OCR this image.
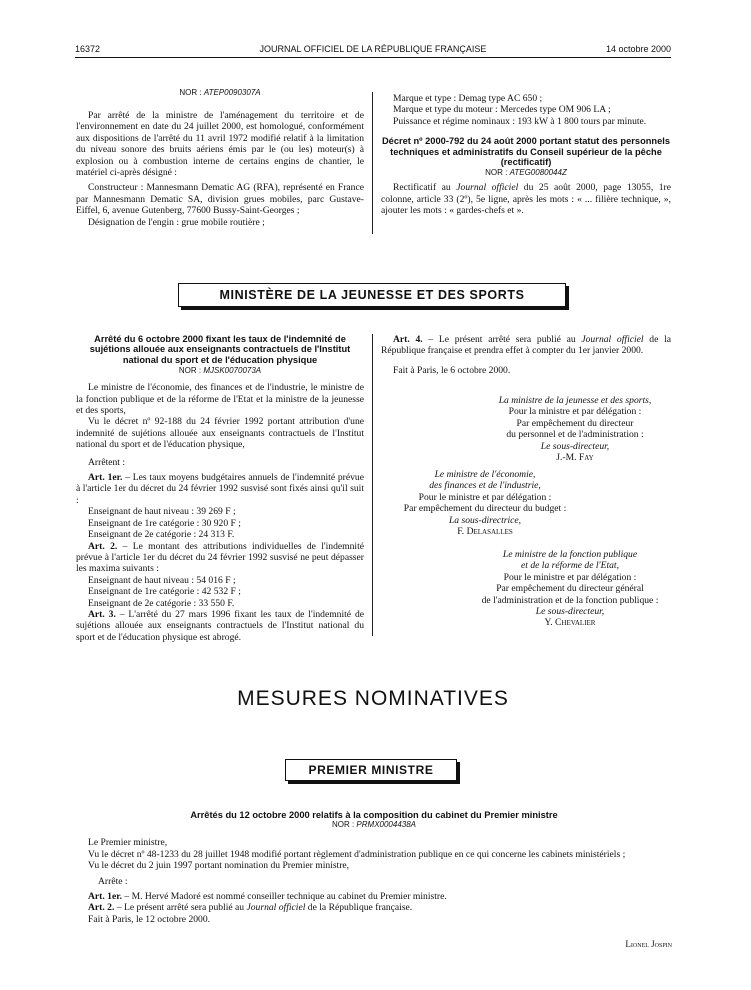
16372	JOURNAL OFFICIEL DE LA RÉPUBLIQUE FRANÇAISE	14 octobre 2000

NOR : ATEP0090307A

Par arrêté de la ministre de l'aménagement du territoire et de l'environnement en date du 24 juillet 2000, est homologué, conformément aux dispositions de l'arrêté du 11 avril 1972 modifié relatif à la limitation du niveau sonore des bruits aériens émis par le (ou les) moteur(s) à explosion ou à combustion interne de certains engins de chantier, le matériel ci-après désigné :

Constructeur : Mannesmann Dematic AG (RFA), représenté en France par Mannesmann Dematic SA, division grues mobiles, parc Gustave-Eiffel, 6, avenue Gutenberg, 77600 Bussy-Saint-Georges ;

Désignation de l'engin : grue mobile routière ;

Marque et type : Demag type AC 650 ;

Marque et type du moteur : Mercedes type OM 906 LA ;

Puissance et régime nominaux : 193 kW à 1 800 tours par minute.

Décret nº 2000-792 du 24 août 2000 portant statut des personnels techniques et administratifs du Conseil supérieur de la pêche (rectificatif)

NOR : ATEG0080044Z

Rectificatif au Journal officiel du 25 août 2000, page 13055, 1re colonne, article 33 (2º), 5e ligne, après les mots : « ... filière technique, », ajouter les mots : « gardes-chefs et ».

MINISTÈRE DE LA JEUNESSE ET DES SPORTS

Arrêté du 6 octobre 2000 fixant les taux de l'indemnité de sujétions allouée aux enseignants contractuels de l'Institut national du sport et de l'éducation physique

NOR : MJSK0070073A

Le ministre de l'économie, des finances et de l'industrie, le ministre de la fonction publique et de la réforme de l'Etat et la ministre de la jeunesse et des sports,

Vu le décret nº 92-188 du 24 février 1992 portant attribution d'une indemnité de sujétions allouée aux enseignants contractuels de l'Institut national du sport et de l'éducation physique,

Arrêtent :

Art. 1er. – Les taux moyens budgétaires annuels de l'indemnité prévue à l'article 1er du décret du 24 février 1992 susvisé sont fixés ainsi qu'il suit :

Enseignant de haut niveau : 39 269 F ;

Enseignant de 1re catégorie : 30 920 F ;

Enseignant de 2e catégorie : 24 313 F.

Art. 2. – Le montant des attributions individuelles de l'indemnité prévue à l'article 1er du décret du 24 février 1992 susvisé ne peut dépasser les maxima suivants :

Enseignant de haut niveau : 54 016 F ;

Enseignant de 1re catégorie : 42 532 F ;

Enseignant de 2e catégorie : 33 550 F.

Art. 3. – L'arrêté du 27 mars 1996 fixant les taux de l'indemnité de sujétions allouée aux enseignants contractuels de l'Institut national du sport et de l'éducation physique est abrogé.

Art. 4. – Le présent arrêté sera publié au Journal officiel de la République française et prendra effet à compter du 1er janvier 2000.

Fait à Paris, le 6 octobre 2000.

La ministre de la jeunesse et des sports,

Pour la ministre et par délégation :

Par empêchement du directeur

du personnel et de l'administration :

Le sous-directeur,

J.-M. Fay

Le ministre de l'économie,

des finances et de l'industrie,

Pour le ministre et par délégation :

Par empêchement du directeur du budget :

La sous-directrice,

F. Delasalles

Le ministre de la fonction publique

et de la réforme de l'Etat,

Pour le ministre et par délégation :

Par empêchement du directeur général

de l'administration et de la fonction publique :

Le sous-directeur,

Y. Chevalier

MESURES NOMINATIVES
PREMIER MINISTRE

Arrêtés du 12 octobre 2000 relatifs à la composition du cabinet du Premier ministre

NOR : PRMX0004438A

Le Premier ministre,

Vu le décret nº 48-1233 du 28 juillet 1948 modifié portant règlement d'administration publique en ce qui concerne les cabinets ministériels ;

Vu le décret du 2 juin 1997 portant nomination du Premier ministre,

Arrête :

Art. 1er. – M. Hervé Madoré est nommé conseiller technique au cabinet du Premier ministre.

Art. 2. – Le présent arrêté sera publié au Journal officiel de la République française.

Fait à Paris, le 12 octobre 2000.

Lionel Jospin
